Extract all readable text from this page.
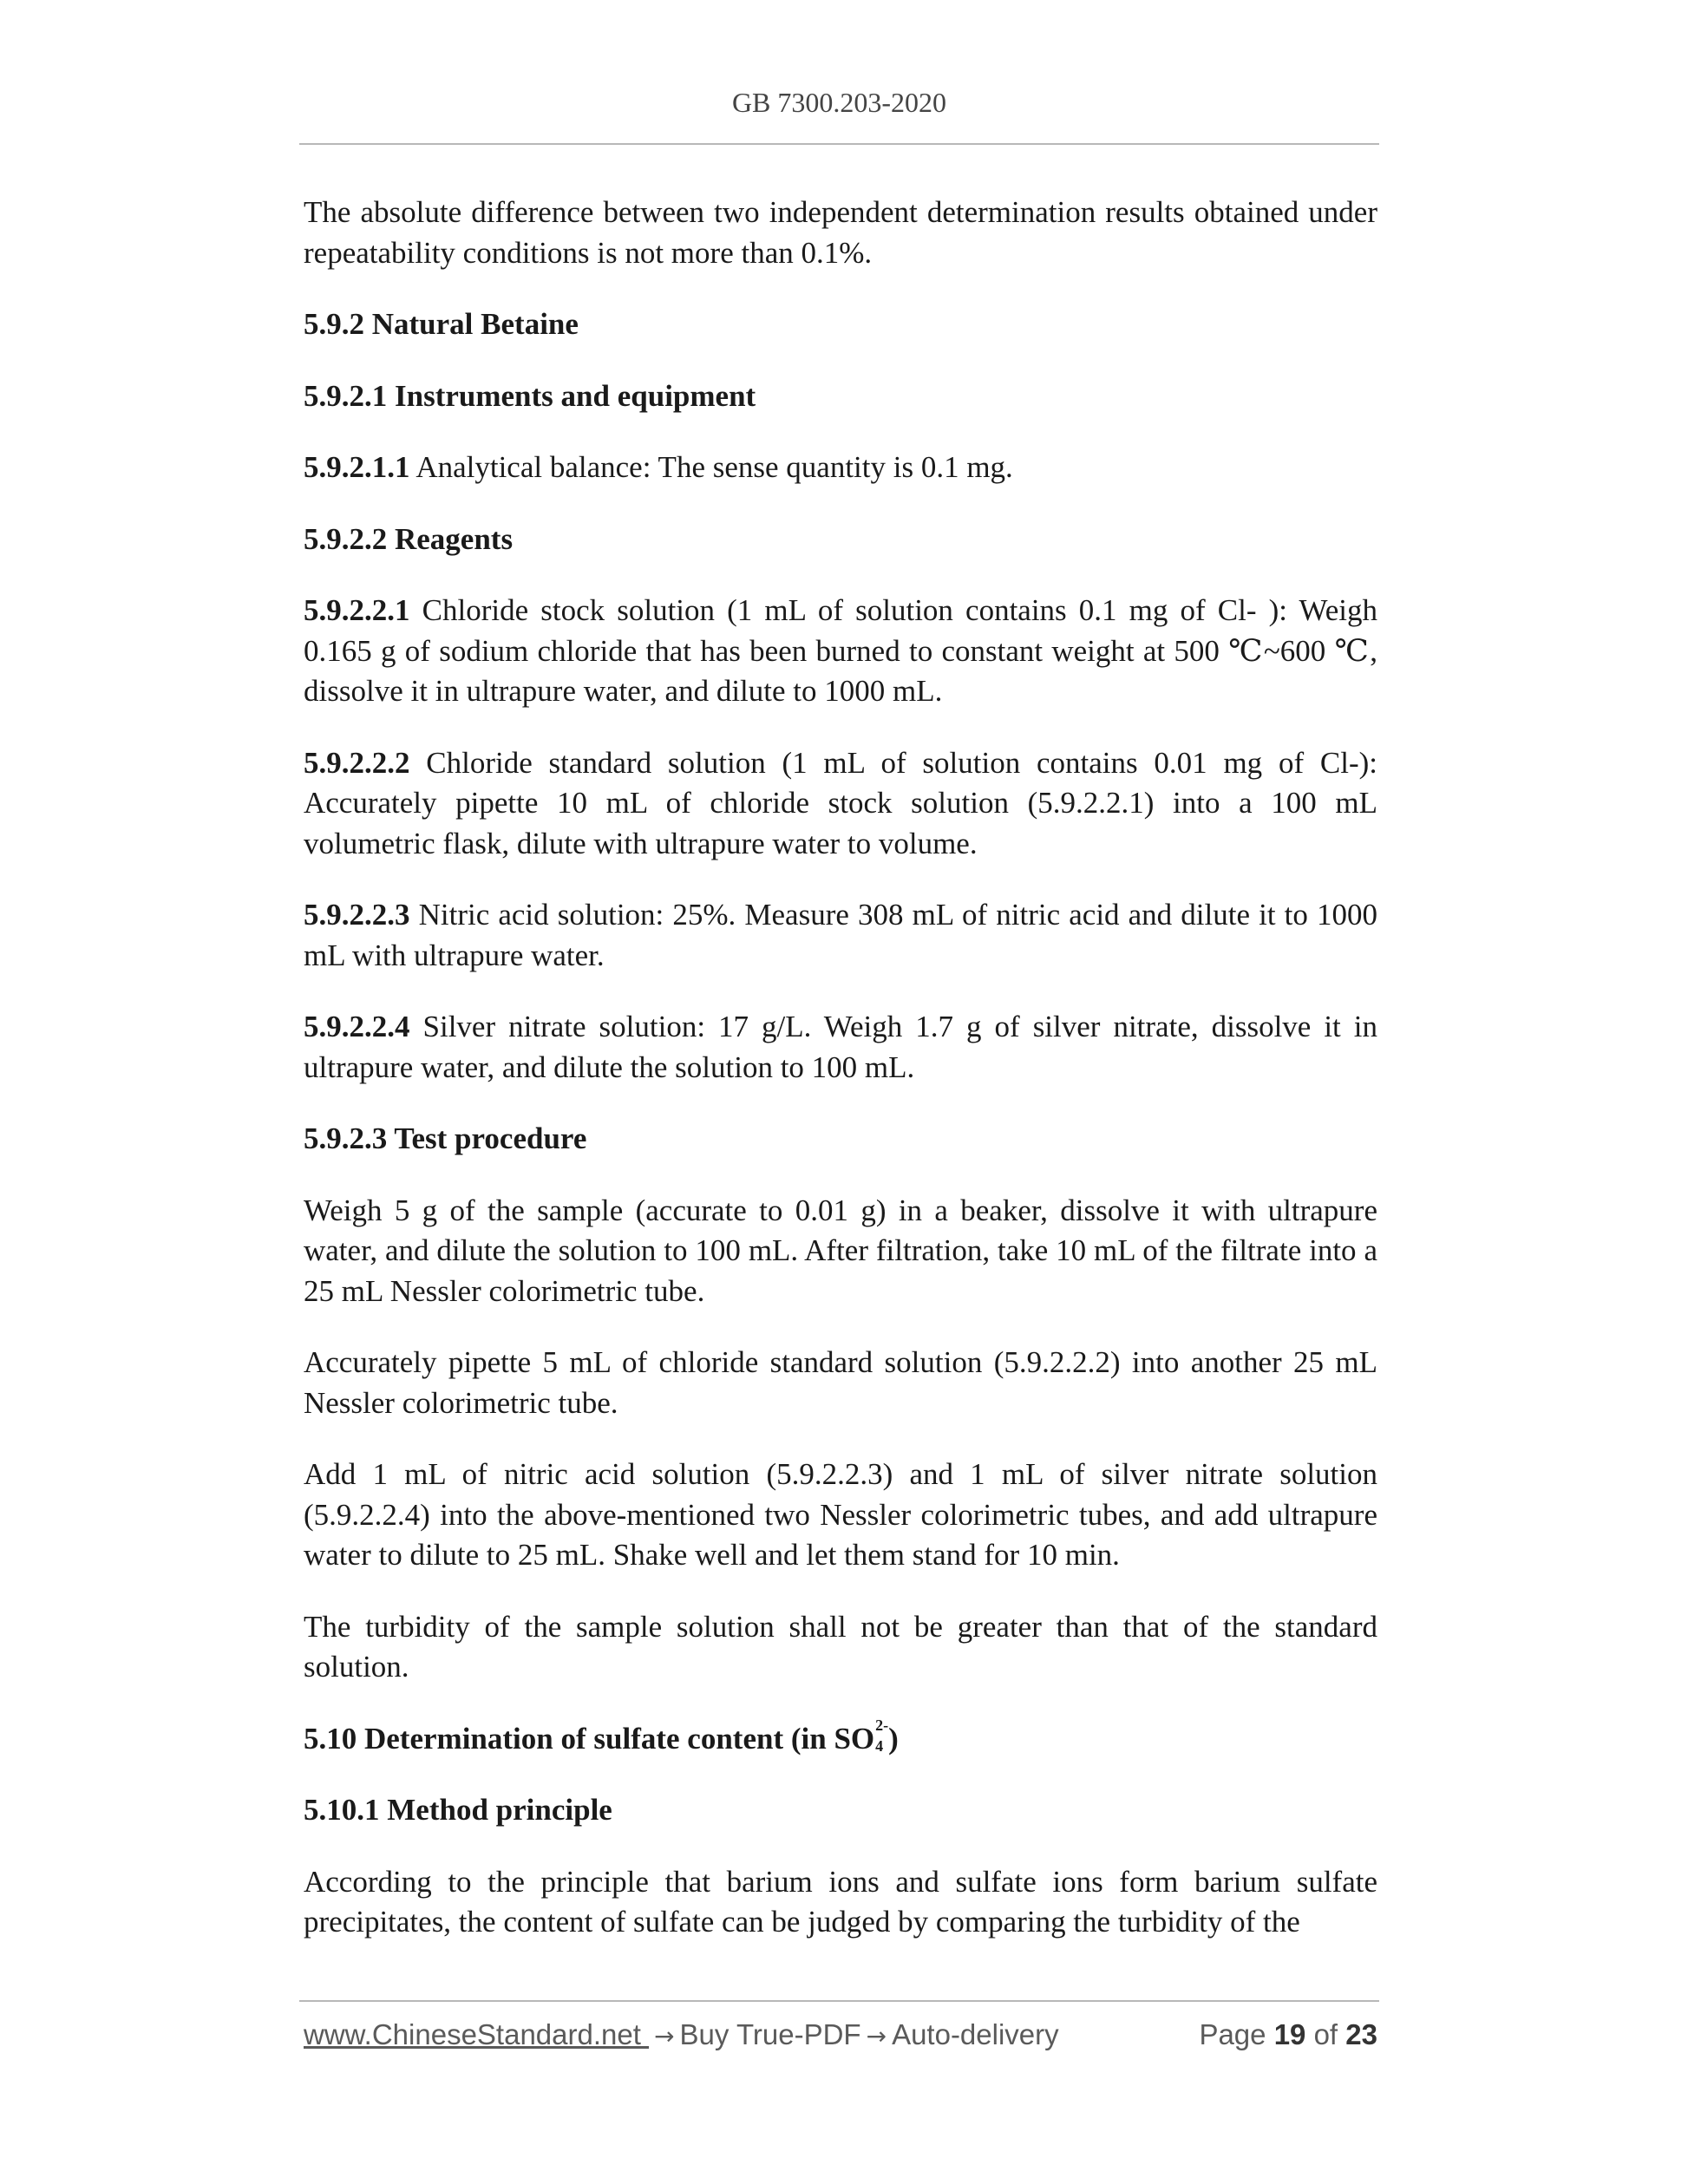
GB 7300.203-2020

The absolute difference between two independent determination results obtained under repeatability conditions is not more than 0.1%.

5.9.2 Natural Betaine
5.9.2.1 Instruments and equipment

5.9.2.1.1 Analytical balance: The sense quantity is 0.1 mg.

5.9.2.2 Reagents

5.9.2.2.1 Chloride stock solution (1 mL of solution contains 0.1 mg of Cl- ): Weigh 0.165 g of sodium chloride that has been burned to constant weight at 500 ℃~600 ℃, dissolve it in ultrapure water, and dilute to 1000 mL.

5.9.2.2.2 Chloride standard solution (1 mL of solution contains 0.01 mg of Cl-): Accurately pipette 10 mL of chloride stock solution (5.9.2.2.1) into a 100 mL volumetric flask, dilute with ultrapure water to volume.

5.9.2.2.3 Nitric acid solution: 25%. Measure 308 mL of nitric acid and dilute it to 1000 mL with ultrapure water.

5.9.2.2.4 Silver nitrate solution: 17 g/L. Weigh 1.7 g of silver nitrate, dissolve it in ultrapure water, and dilute the solution to 100 mL.

5.9.2.3 Test procedure

Weigh 5 g of the sample (accurate to 0.01 g) in a beaker, dissolve it with ultrapure water, and dilute the solution to 100 mL. After filtration, take 10 mL of the filtrate into a 25 mL Nessler colorimetric tube.

Accurately pipette 5 mL of chloride standard solution (5.9.2.2.2) into another 25 mL Nessler colorimetric tube.

Add 1 mL of nitric acid solution (5.9.2.2.3) and 1 mL of silver nitrate solution (5.9.2.2.4) into the above-mentioned two Nessler colorimetric tubes, and add ultrapure water to dilute to 25 mL. Shake well and let them stand for 10 min.

The turbidity of the sample solution shall not be greater than that of the standard solution.

5.10 Determination of sulfate content (in SO 2-
4 )
5.10.1 Method principle

According to the principle that barium ions and sulfate ions form barium sulfate precipitates, the content of sulfate can be judged by comparing the turbidity of the

www.ChineseStandard.net → Buy True-PDF → Auto-delivery	Page 19 of 23
